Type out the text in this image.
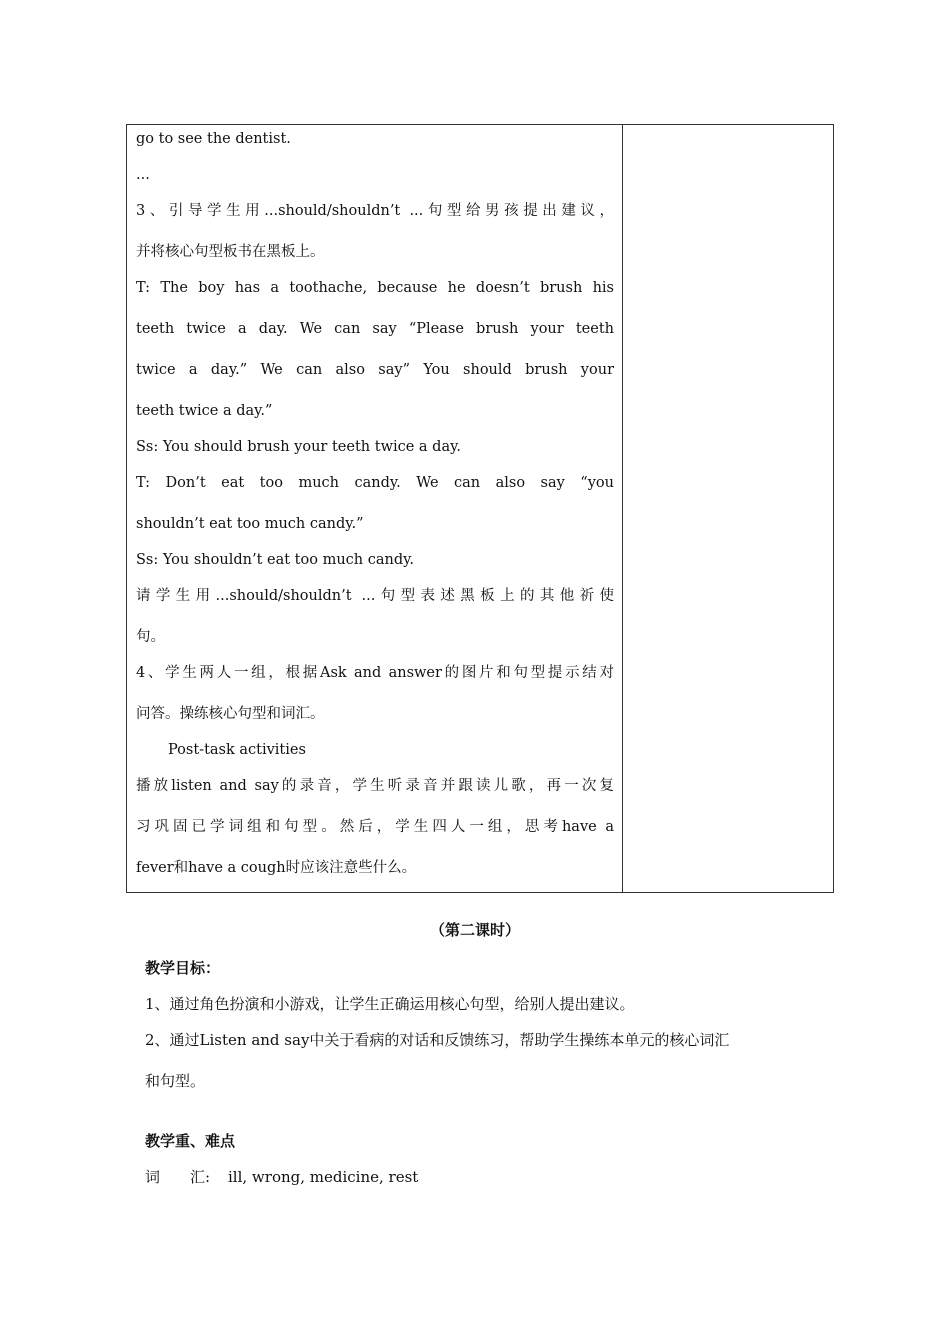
go to see the dentist.
...
3、引导学生用...should/shouldn’t ...句型给男孩提出建议，
并将核心句型板书在黑板上。
T: The boy has a toothache, because he doesn’t brush his
teeth twice a day. We can say “Please brush your teeth
twice a day.” We can also say” You should brush your
teeth twice a day.”
Ss: You should brush your teeth twice a day.
T: Don’t eat too much candy. We can also say “you
shouldn’t eat too much candy.”
Ss: You shouldn’t eat too much candy.
请学生用...should/shouldn’t ...句型表述黑板上的其他祈使
句。
4、学生两人一组，根据Ask and answer的图片和句型提示结对
问答。操练核心句型和词汇。
Post-task activities
播放listen and say的录音，学生听录音并跟读儿歌，再一次复
习巩固已学词组和句型。然后，学生四人一组，思考have a
fever和have a cough时应该注意些什么。
（第二课时）
教学目标：
1、通过角色扮演和小游戏，让学生正确运用核心句型，给别人提出建议。
2、通过Listen and say中关于看病的对话和反馈练习，帮助学生操练本单元的核心词汇
和句型。
教学重、难点
词　　汇: ill, wrong, medicine, rest
